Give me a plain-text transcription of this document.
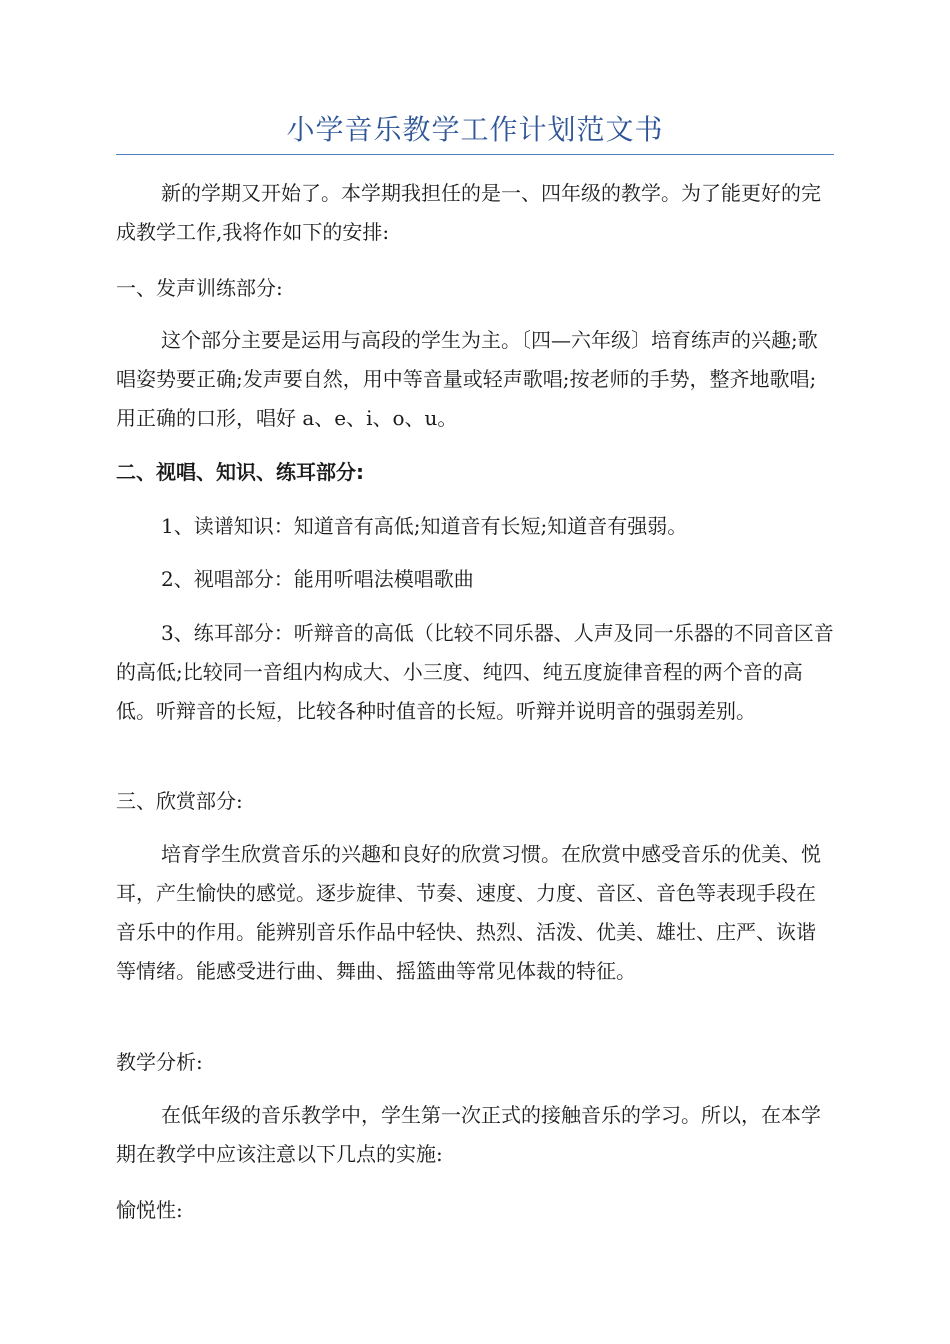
小学音乐教学工作计划范文书

新的学期又开始了。本学期我担任的是一、四年级的教学。为了能更好的完成教学工作,我将作如下的安排:

一、发声训练部分:

这个部分主要是运用与高段的学生为主。〔四—六年级〕培育练声的兴趣;歌唱姿势要正确;发声要自然，用中等音量或轻声歌唱;按老师的手势，整齐地歌唱;用正确的口形，唱好 a、e、i、o、u。

二、视唱、知识、练耳部分:

1、读谱知识：知道音有高低;知道音有长短;知道音有强弱。

2、视唱部分：能用听唱法模唱歌曲

3、练耳部分：听辩音的高低（比较不同乐器、人声及同一乐器的不同音区音的高低;比较同一音组内构成大、小三度、纯四、纯五度旋律音程的两个音的高低。听辩音的长短，比较各种时值音的长短。听辩并说明音的强弱差别。

三、欣赏部分:

培育学生欣赏音乐的兴趣和良好的欣赏习惯。在欣赏中感受音乐的优美、悦耳，产生愉快的感觉。逐步旋律、节奏、速度、力度、音区、音色等表现手段在音乐中的作用。能辨别音乐作品中轻快、热烈、活泼、优美、雄壮、庄严、诙谐等情绪。能感受进行曲、舞曲、摇篮曲等常见体裁的特征。

教学分析:

在低年级的音乐教学中，学生第一次正式的接触音乐的学习。所以，在本学期在教学中应该注意以下几点的实施:

愉悦性:
